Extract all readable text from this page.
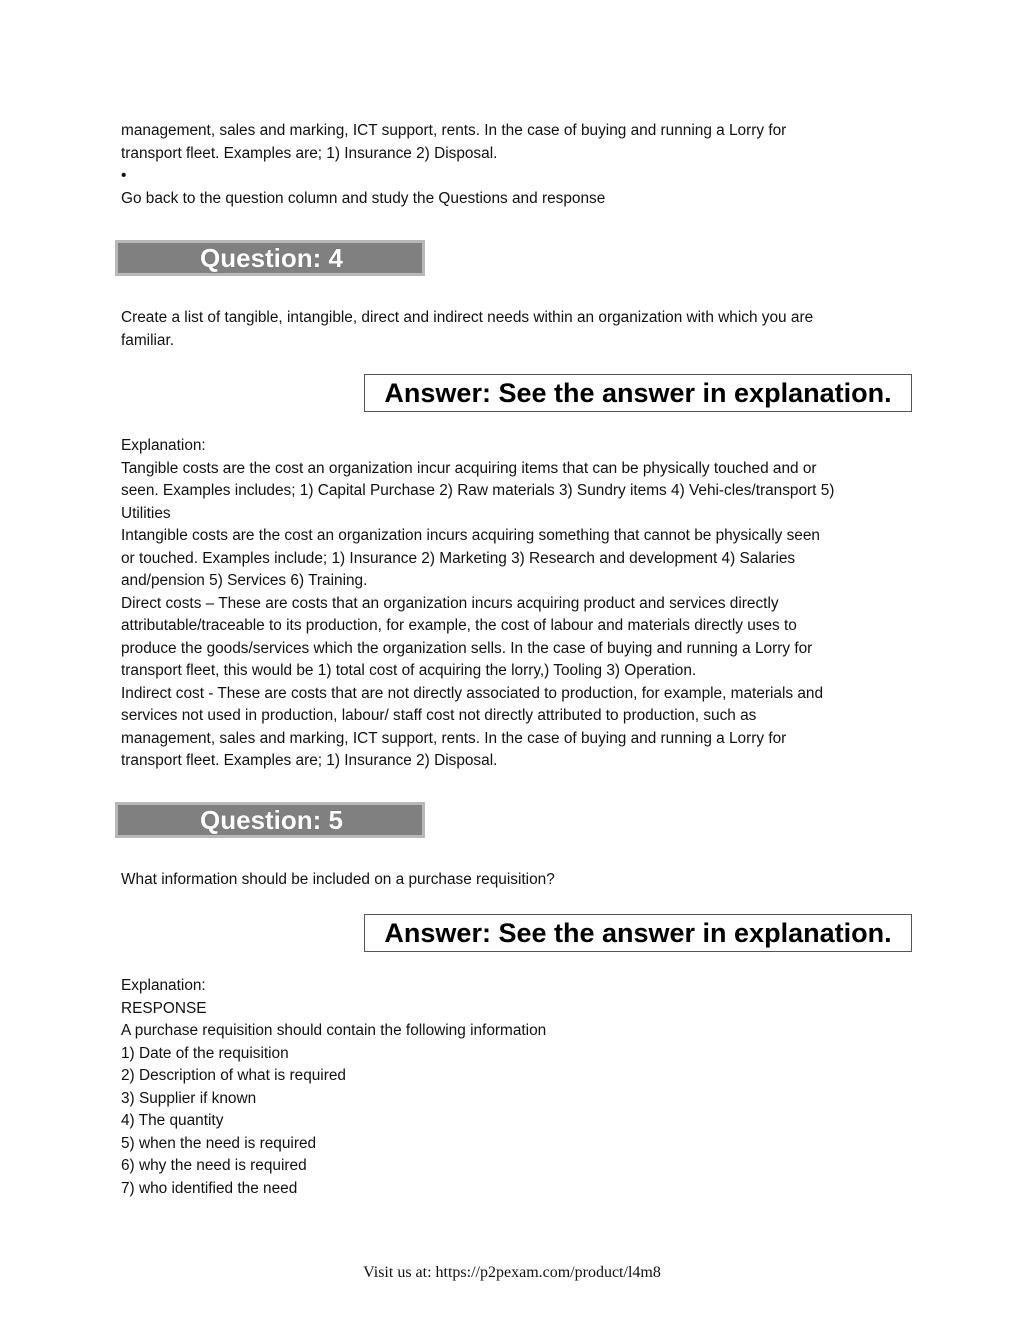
management, sales and marking, ICT support, rents. In the case of buying and running a Lorry for

transport fleet. Examples are; 1) Insurance 2) Disposal.

•

Go back to the question column and study the Questions and response

Question: 4

Create a list of tangible, intangible, direct and indirect needs within an organization with which you are

familiar.

Answer: See the answer in explanation.

Explanation:

Tangible costs are the cost an organization incur acquiring items that can be physically touched and or

seen. Examples includes; 1) Capital Purchase 2) Raw materials 3) Sundry items 4) Vehi-cles/transport 5)

Utilities

Intangible costs are the cost an organization incurs acquiring something that cannot be physically seen

or touched. Examples include; 1) Insurance 2) Marketing 3) Research and development 4) Salaries

and/pension 5) Services 6) Training.

Direct costs – These are costs that an organization incurs acquiring product and services directly

attributable/traceable to its production, for example, the cost of labour and materials directly uses to

produce the goods/services which the organization sells. In the case of buying and running a Lorry for

transport fleet, this would be 1) total cost of acquiring the lorry,) Tooling 3) Operation.

Indirect cost - These are costs that are not directly associated to production, for example, materials and

services not used in production, labour/ staff cost not directly attributed to production, such as

management, sales and marking, ICT support, rents. In the case of buying and running a Lorry for

transport fleet. Examples are; 1) Insurance 2) Disposal.

Question: 5

What information should be included on a purchase requisition?

Answer: See the answer in explanation.

Explanation:

RESPONSE

A purchase requisition should contain the following information

1) Date of the requisition

2) Description of what is required

3) Supplier if known

4) The quantity

5) when the need is required

6) why the need is required

7) who identified the need

Visit us at: https://p2pexam.com/product/l4m8
